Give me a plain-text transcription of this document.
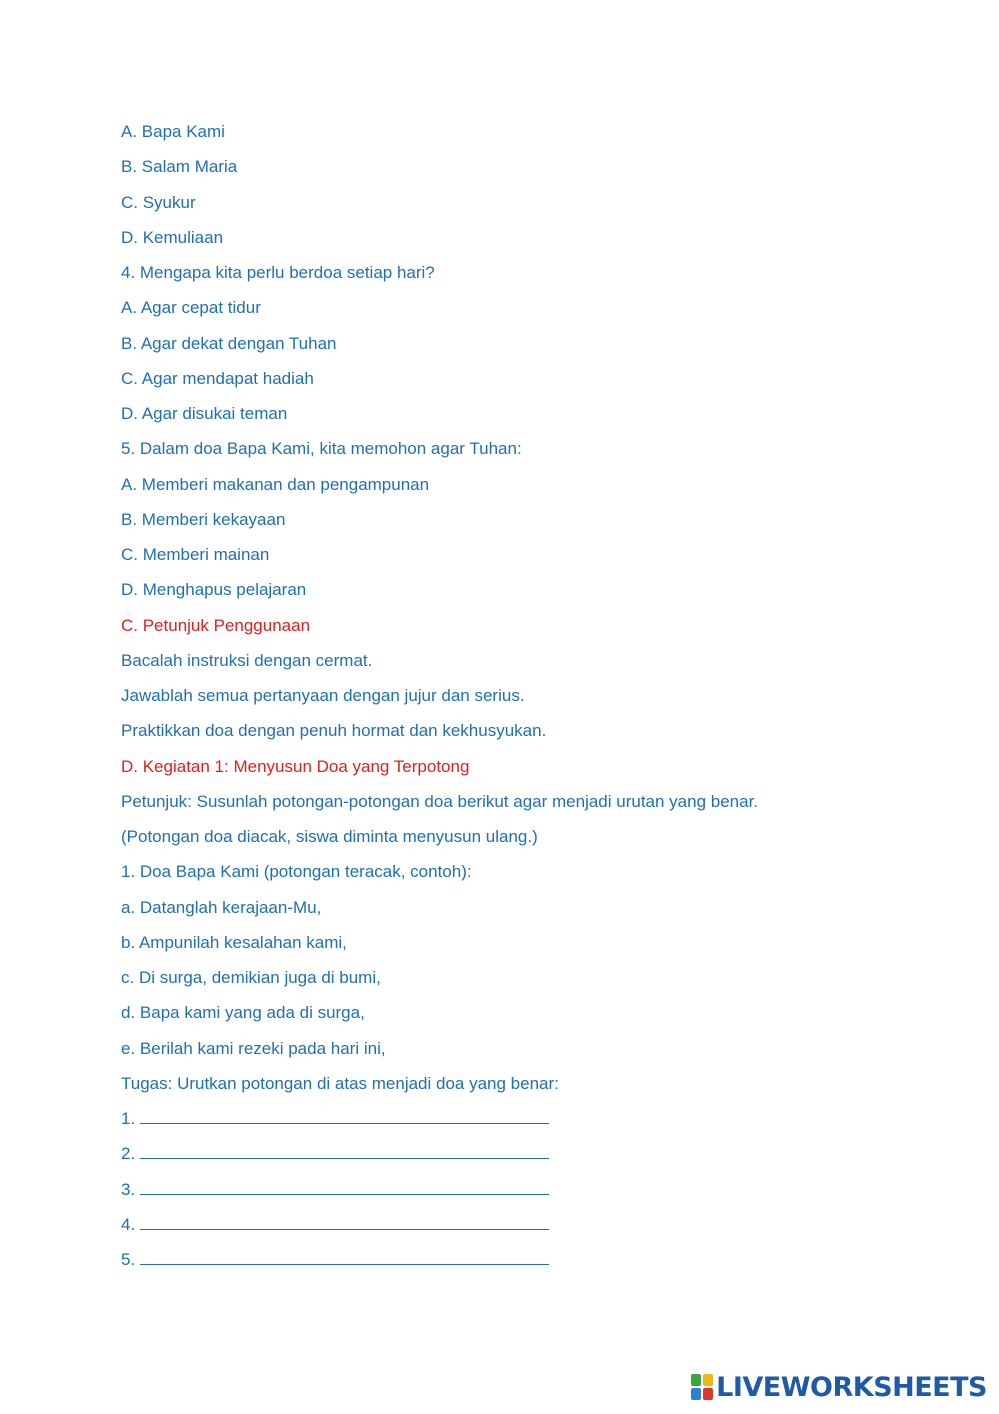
A. Bapa Kami
B. Salam Maria
C. Syukur
D. Kemuliaan
4. Mengapa kita perlu berdoa setiap hari?
A. Agar cepat tidur
B. Agar dekat dengan Tuhan
C. Agar mendapat hadiah
D. Agar disukai teman
5. Dalam doa Bapa Kami, kita memohon agar Tuhan:
A. Memberi makanan dan pengampunan
B. Memberi kekayaan
C. Memberi mainan
D. Menghapus pelajaran
C. Petunjuk Penggunaan
Bacalah instruksi dengan cermat.
Jawablah semua pertanyaan dengan jujur dan serius.
Praktikkan doa dengan penuh hormat dan kekhusyukan.
D. Kegiatan 1: Menyusun Doa yang Terpotong
Petunjuk: Susunlah potongan-potongan doa berikut agar menjadi urutan yang benar.
(Potongan doa diacak, siswa diminta menyusun ulang.)
1. Doa Bapa Kami (potongan teracak, contoh):
a. Datanglah kerajaan-Mu,
b. Ampunilah kesalahan kami,
c. Di surga, demikian juga di bumi,
d. Bapa kami yang ada di surga,
e. Berilah kami rezeki pada hari ini,
Tugas: Urutkan potongan di atas menjadi doa yang benar:
1.
2.
3.
4.
5.
LIVEWORKSHEETS
